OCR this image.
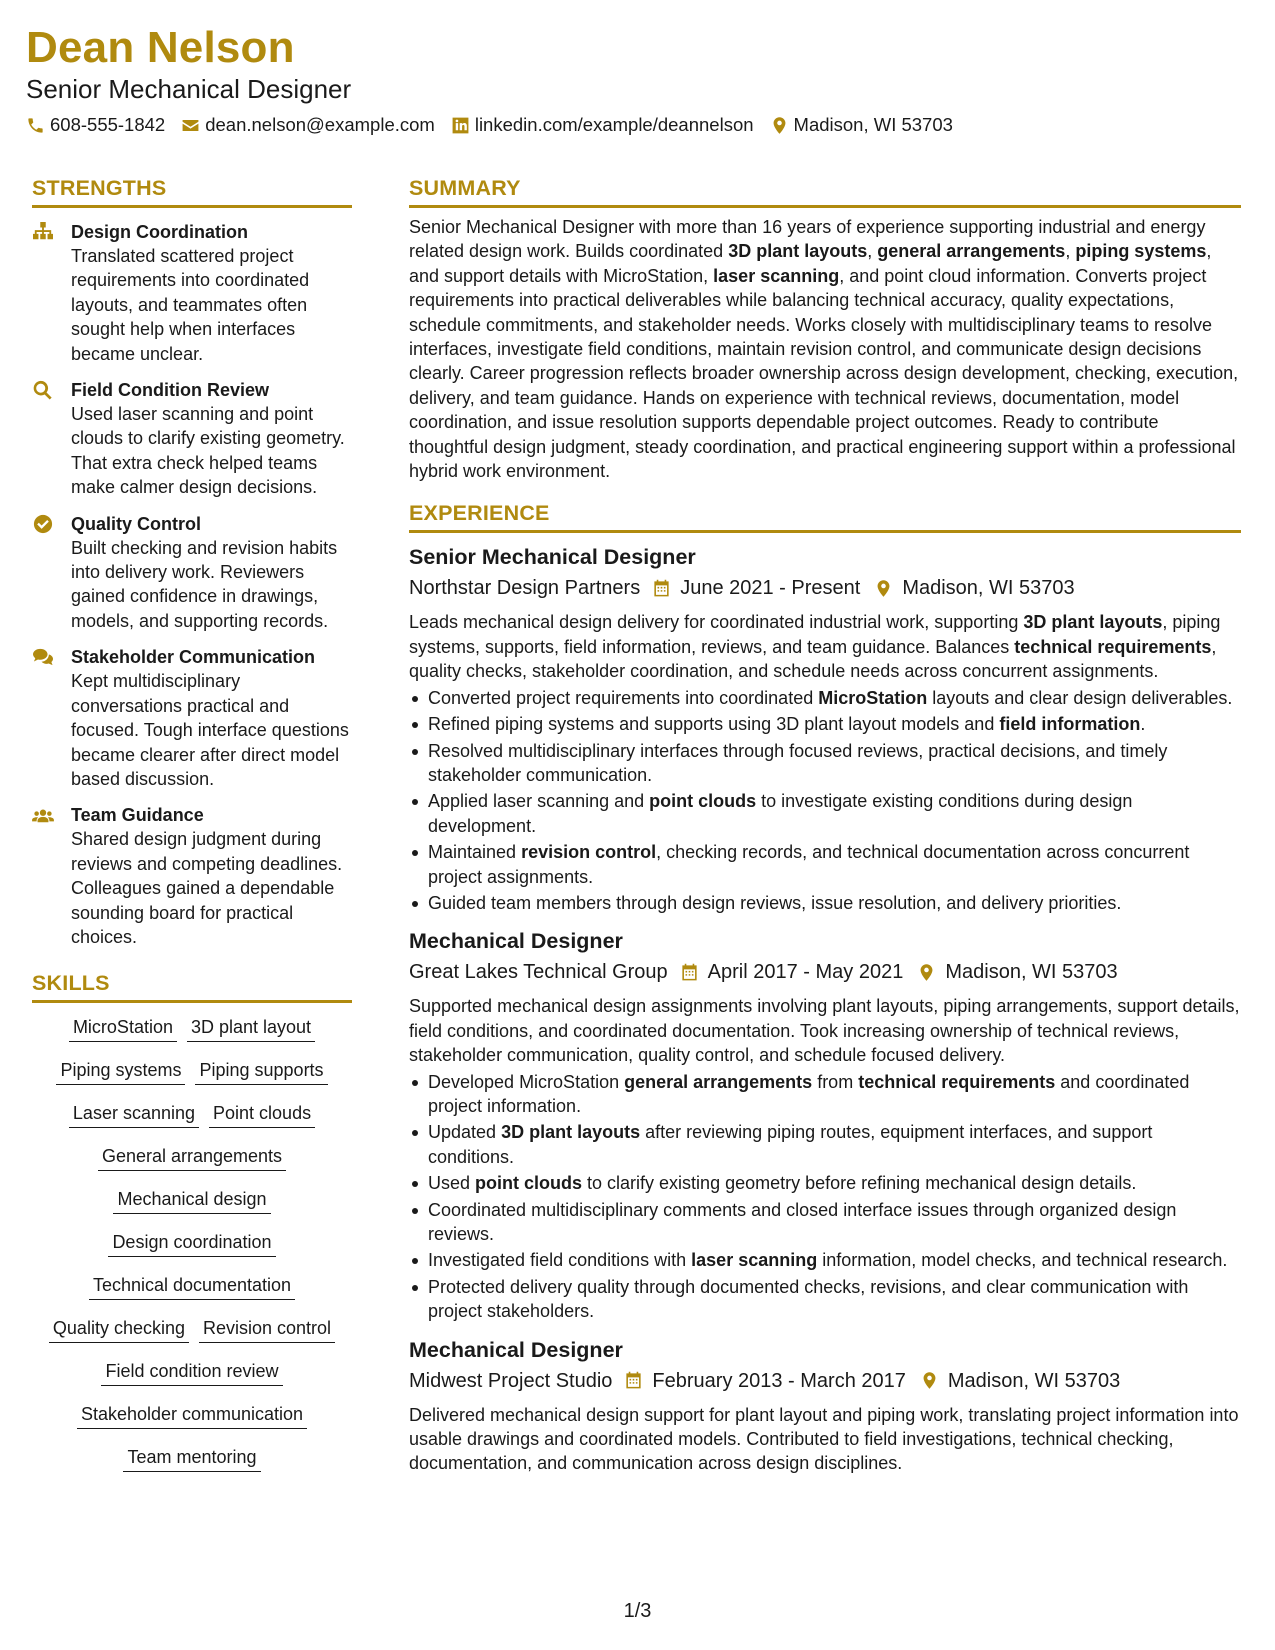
Dean Nelson
Senior Mechanical Designer
608-555-1842 dean.nelson@example.com linkedin.com/example/deannelson Madison, WI 53703
STRENGTHS
Design Coordination
Translated scattered project requirements into coordinated layouts, and teammates often sought help when interfaces became unclear.
Field Condition Review
Used laser scanning and point clouds to clarify existing geometry. That extra check helped teams make calmer design decisions.
Quality Control
Built checking and revision habits into delivery work. Reviewers gained confidence in drawings, models, and supporting records.
Stakeholder Communication
Kept multidisciplinary conversations practical and focused. Tough interface questions became clearer after direct model based discussion.
Team Guidance
Shared design judgment during reviews and competing deadlines. Colleagues gained a dependable sounding board for practical choices.
SKILLS
MicroStation 3D plant layout
Piping systems Piping supports
Laser scanning Point clouds
General arrangements
Mechanical design
Design coordination
Technical documentation
Quality checking Revision control
Field condition review
Stakeholder communication
Team mentoring
SUMMARY

Senior Mechanical Designer with more than 16 years of experience supporting industrial and energy related design work. Builds coordinated 3D plant layouts, general arrangements, piping systems, and support details with MicroStation, laser scanning, and point cloud information. Converts project requirements into practical deliverables while balancing technical accuracy, quality expectations, schedule commitments, and stakeholder needs. Works closely with multidisciplinary teams to resolve interfaces, investigate field conditions, maintain revision control, and communicate design decisions clearly. Career progression reflects broader ownership across design development, checking, execution, delivery, and team guidance. Hands on experience with technical reviews, documentation, model coordination, and issue resolution supports dependable project outcomes. Ready to contribute thoughtful design judgment, steady coordination, and practical engineering support within a professional hybrid work environment.

EXPERIENCE
Senior Mechanical Designer
Northstar Design Partners June 2021 - Present Madison, WI 53703

Leads mechanical design delivery for coordinated industrial work, supporting 3D plant layouts, piping systems, supports, field information, reviews, and team guidance. Balances technical requirements, quality checks, stakeholder coordination, and schedule needs across concurrent assignments.

Converted project requirements into coordinated MicroStation layouts and clear design deliverables.
Refined piping systems and supports using 3D plant layout models and field information.
Resolved multidisciplinary interfaces through focused reviews, practical decisions, and timely stakeholder communication.
Applied laser scanning and point clouds to investigate existing conditions during design development.
Maintained revision control, checking records, and technical documentation across concurrent project assignments.
Guided team members through design reviews, issue resolution, and delivery priorities.
Mechanical Designer
Great Lakes Technical Group April 2017 - May 2021 Madison, WI 53703

Supported mechanical design assignments involving plant layouts, piping arrangements, support details, field conditions, and coordinated documentation. Took increasing ownership of technical reviews, stakeholder communication, quality control, and schedule focused delivery.

Developed MicroStation general arrangements from technical requirements and coordinated project information.
Updated 3D plant layouts after reviewing piping routes, equipment interfaces, and support conditions.
Used point clouds to clarify existing geometry before refining mechanical design details.
Coordinated multidisciplinary comments and closed interface issues through organized design reviews.
Investigated field conditions with laser scanning information, model checks, and technical research.
Protected delivery quality through documented checks, revisions, and clear communication with project stakeholders.
Mechanical Designer
Midwest Project Studio February 2013 - March 2017 Madison, WI 53703

Delivered mechanical design support for plant layout and piping work, translating project information into usable drawings and coordinated models. Contributed to field investigations, technical checking, documentation, and communication across design disciplines.

1/3
